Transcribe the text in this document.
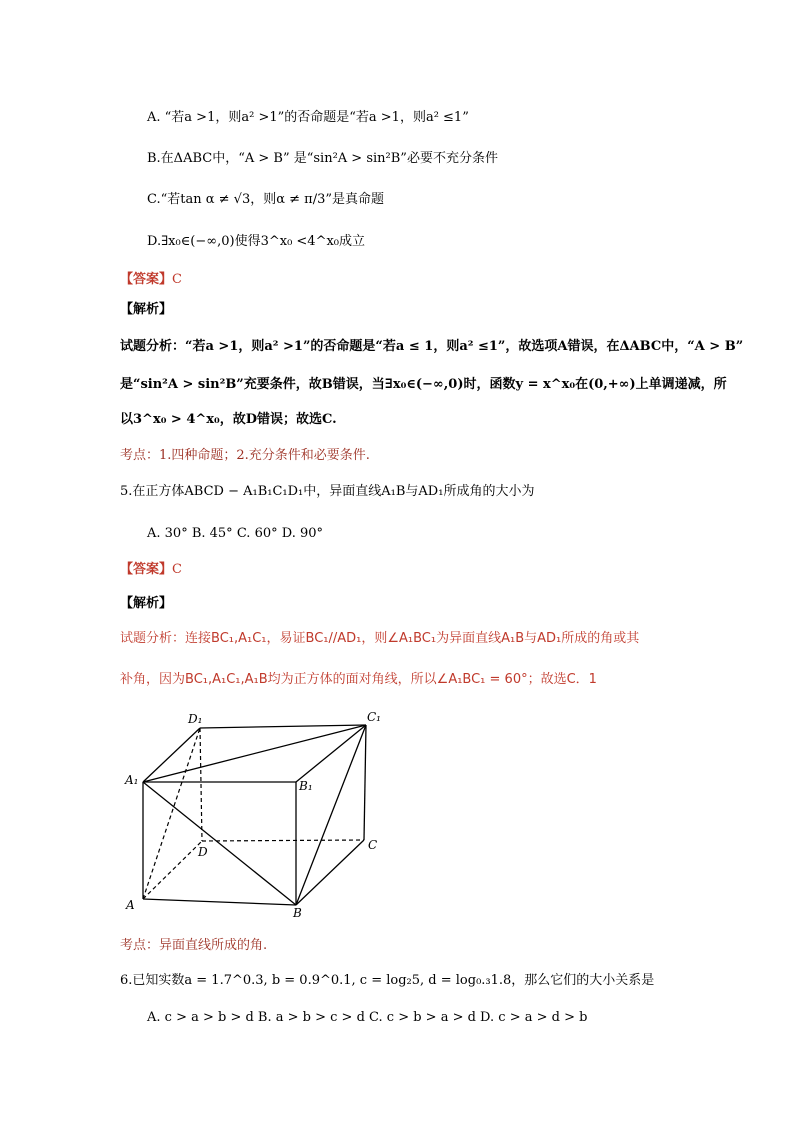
A. “若a >1，则a² >1”的否命题是“若a >1，则a² ≤1”
B.在ΔABC中，“A > B” 是“sin²A > sin²B”必要不充分条件
C.“若tan α ≠ √3，则α ≠ π/3”是真命题
D.∃x₀∈(−∞,0)使得3^x₀ <4^x₀成立
【答案】C
【解析】
试题分析：“若a >1，则a² >1”的否命题是“若a ≤ 1，则a² ≤1”，故选项A错误，在ΔABC中，“A > B”
是“sin²A > sin²B”充要条件，故B错误，当∃x₀∈(−∞,0)时，函数y = x^x₀在(0,+∞)上单调递减，所
以3^x₀ > 4^x₀，故D错误；故选C.
考点：1.四种命题；2.充分条件和必要条件.
5.在正方体ABCD − A₁B₁C₁D₁中，异面直线A₁B与AD₁所成角的大小为
A. 30° B. 45° C. 60° D. 90°
【答案】C
【解析】
试题分析：连接BC₁,A₁C₁，易证BC₁//AD₁，则∠A₁BC₁为异面直线A₁B与AD₁所成的角或其
补角，因为BC₁,A₁C₁,A₁B均为正方体的面对角线，所以∠A₁BC₁ = 60°；故选C．1
D₁	C₁
A₁	B₁
D	C
A
B
考点：异面直线所成的角.
6.已知实数a = 1.7^0.3, b = 0.9^0.1, c = log₂5, d = log₀.₃1.8，那么它们的大小关系是
A. c > a > b > d B. a > b > c > d C. c > b > a > d D. c > a > d > b
